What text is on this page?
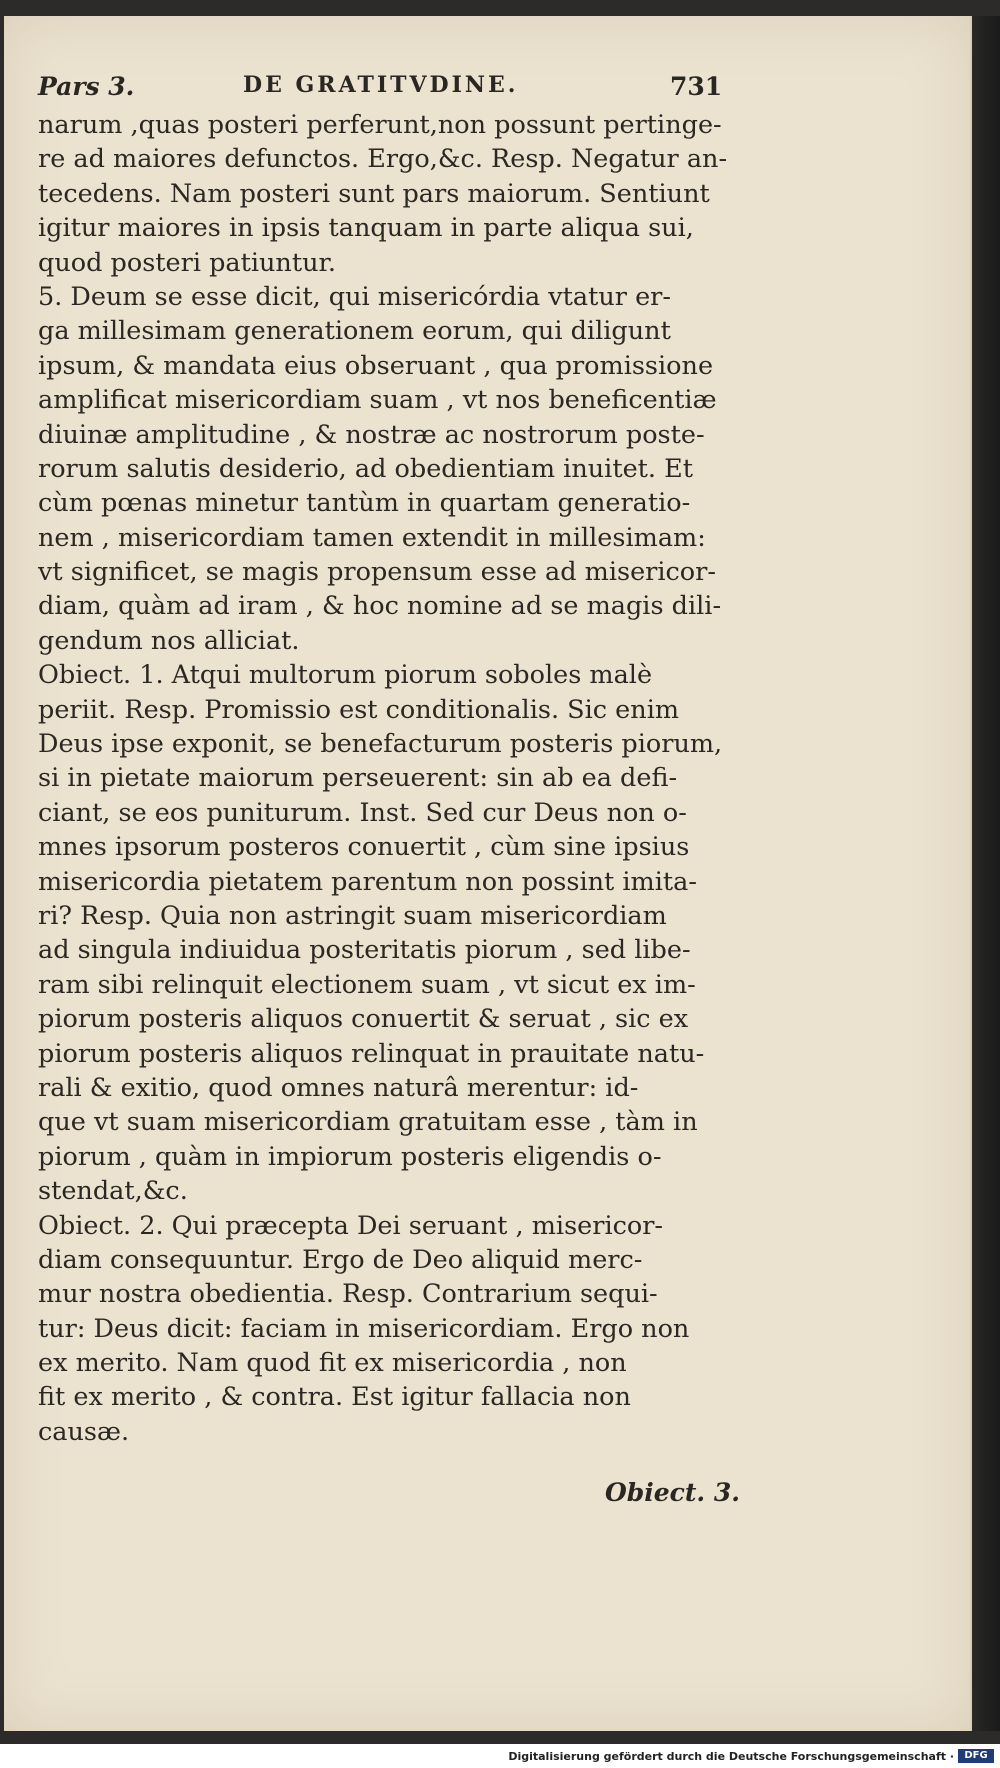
Pars 3.	DE GRATITVDINE.	731
narum ,quas posteri perferunt,non possunt pertinge-
re ad maiores defunctos. Ergo,&c. Resp. Negatur an-
tecedens. Nam posteri sunt pars maiorum. Sentiunt
igitur maiores in ipsis tanquam in parte aliqua sui,
quod posteri patiuntur.
5. Deum se esse dicit, qui misericórdia vtatur er-
ga millesimam generationem eorum, qui diligunt
ipsum, & mandata eius obseruant , qua promissione
amplificat misericordiam suam , vt nos beneficentiæ
diuinæ amplitudine , & nostræ ac nostrorum poste-
rorum salutis desiderio, ad obedientiam inuitet. Et
cùm pœnas minetur tantùm in quartam generatio-
nem , misericordiam tamen extendit in millesimam:
vt significet, se magis propensum esse ad misericor-
diam, quàm ad iram , & hoc nomine ad se magis dili-
gendum nos alliciat.
Obiect. 1. Atqui multorum piorum soboles malè
periit. Resp. Promissio est conditionalis. Sic enim
Deus ipse exponit, se benefacturum posteris piorum,
si in pietate maiorum perseuerent: sin ab ea defi-
ciant, se eos puniturum. Inst. Sed cur Deus non o-
mnes ipsorum posteros conuertit , cùm sine ipsius
misericordia pietatem parentum non possint imita-
ri? Resp. Quia non astringit suam misericordiam
ad singula indiuidua posteritatis piorum , sed libe-
ram sibi relinquit electionem suam , vt sicut ex im-
piorum posteris aliquos conuertit & seruat , sic ex
piorum posteris aliquos relinquat in prauitate natu-
rali & exitio, quod omnes naturâ merentur: id-
que vt suam misericordiam gratuitam esse , tàm in
piorum , quàm in impiorum posteris eligendis o-
stendat,&c.
Obiect. 2. Qui præcepta Dei seruant , misericor-
diam consequuntur. Ergo de Deo aliquid merc-
mur nostra obedientia. Resp. Contrarium sequi-
tur: Deus dicit: faciam in misericordiam. Ergo non
ex merito. Nam quod fit ex misericordia , non
fit ex merito , & contra. Est igitur fallacia non
causæ.
Obiect. 3.
Digitalisierung gefördert durch die Deutsche Forschungsgemeinschaft ·	DFG
